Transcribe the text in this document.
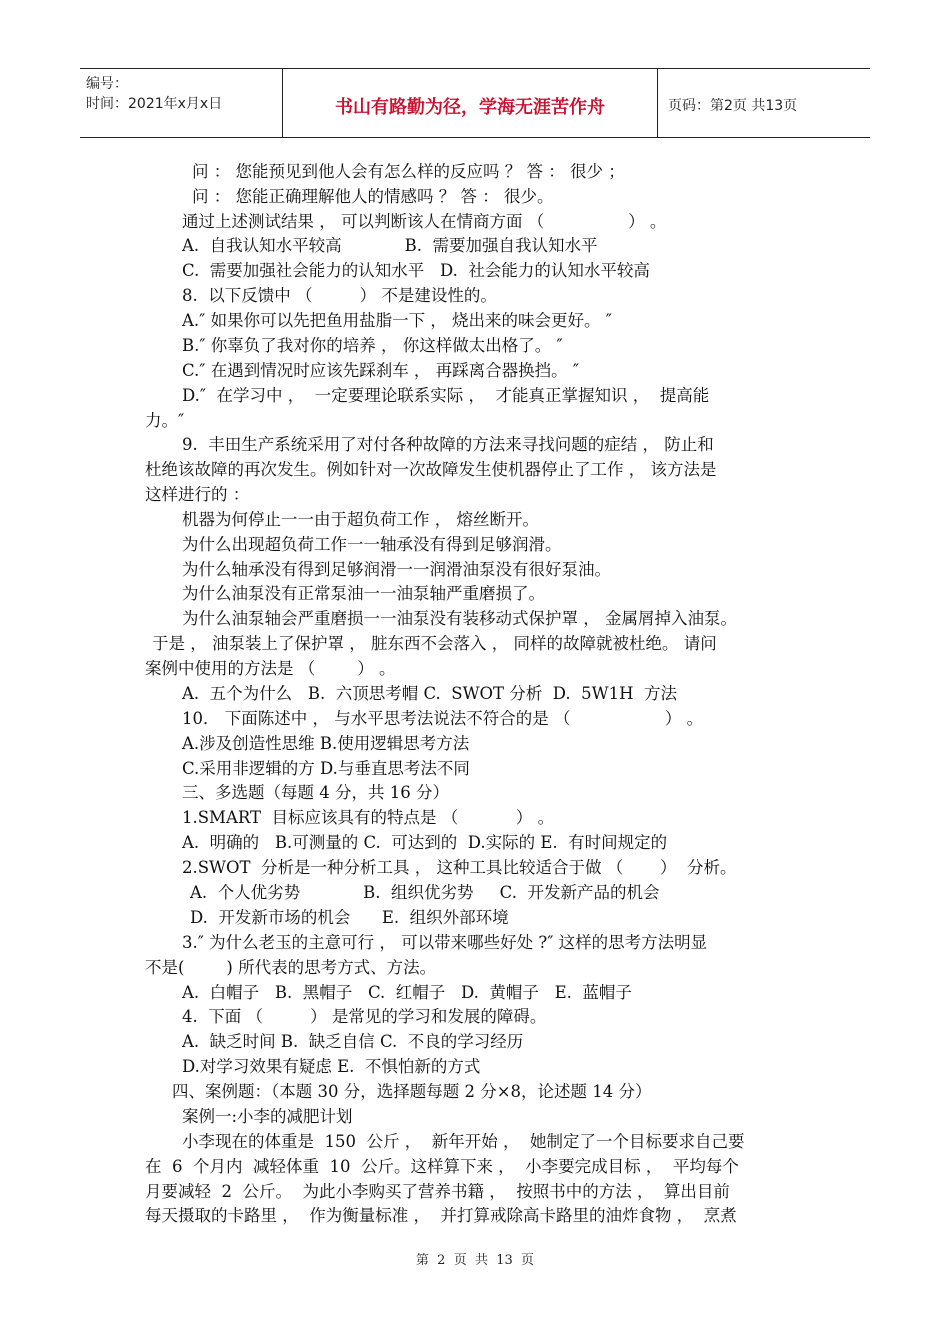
编号：
时间：2021年x月x日	书山有路勤为径，学海无涯苦作舟	页码：第2页 共13页
问 ： 您能预见到他人会有怎么样的反应吗 ？ 答 ： 很少 ；
问 ： 您能正确理解他人的情感吗 ？ 答 ： 很少。
通过上述测试结果 ， 可以判断该人在情商方面 （                ） 。
A.  自我认知水平较高            B.  需要加强自我认知水平
C.  需要加强社会能力的认知水平   D.  社会能力的认知水平较高
8.  以下反馈中 （         ） 不是建设性的。
A.″ 如果你可以先把鱼用盐脂一下 ， 烧出来的味会更好。 ″
B.″ 你辜负了我对你的培养 ， 你这样做太出格了。 ″
C.″ 在遇到情况时应该先踩刹车 ， 再踩离合器换挡。 ″
D.″  在学习中 ，  一定要理论联系实际 ，  才能真正掌握知识 ，  提高能
力。″
9.  丰田生产系统采用了对付各种故障的方法来寻找问题的症结 ， 防止和
杜绝该故障的再次发生。例如针对一次故障发生使机器停止了工作 ， 该方法是
这样进行的 ：
机器为何停止一一由于超负荷工作 ， 熔丝断开。
为什么出现超负荷工作一一轴承没有得到足够润滑。
为什么轴承没有得到足够润滑一一润滑油泵没有很好泵油。
为什么油泵没有正常泵油一一油泵轴严重磨损了。
为什么油泵轴会严重磨损一一油泵没有装移动式保护罩 ， 金属屑掉入油泵。
于是 ， 油泵装上了保护罩 ， 脏东西不会落入 ， 同样的故障就被杜绝。 请问
案例中使用的方法是 （        ） 。
A.  五个为什么   B.  六顶思考帽 C.  SWOT 分析  D.  5W1H  方法
10． 下面陈述中 ， 与水平思考法说法不符合的是 （                  ） 。
A.涉及创造性思维 B.使用逻辑思考方法
C.采用非逻辑的方 D.与垂直思考法不同
三、多选题（每题 4 分，共 16 分）
1.SMART  目标应该具有的特点是 （           ） 。
A.  明确的   B.可测量的 C.  可达到的  D.实际的 E.  有时间规定的
2.SWOT  分析是一种分析工具 ， 这种工具比较适合于做 （       ）  分析。
A.  个人优劣势            B.  组织优劣势     C.  开发新产品的机会
D.  开发新市场的机会      E.  组织外部环境
3.″ 为什么老玉的主意可行 ， 可以带来哪些好处 ?″ 这样的思考方法明显
不是(        ) 所代表的思考方式、方法。
A.  白帽子   B.  黑帽子   C.  红帽子   D.  黄帽子   E.  蓝帽子
4.  下面 （         ） 是常见的学习和发展的障碍。
A.  缺乏时间 B.  缺乏自信 C.  不良的学习经历
D.对学习效果有疑虑 E.  不惧怕新的方式
四、案例题：（本题 30 分，选择题每题 2 分×8，论述题 14 分）
案例一:小李的减肥计划
小李现在的体重是  150  公斤 ，  新年开始 ，  她制定了一个目标要求自己要
在  6  个月内  减轻体重  10  公斤。这样算下来 ，  小李要完成目标 ，  平均每个
月要减轻  2  公斤。  为此小李购买了营养书籍 ，  按照书中的方法 ，  算出目前
每天摄取的卡路里 ，  作为衡量标准 ，  并打算戒除高卡路里的油炸食物 ，  烹煮
第  2  页  共  13  页
